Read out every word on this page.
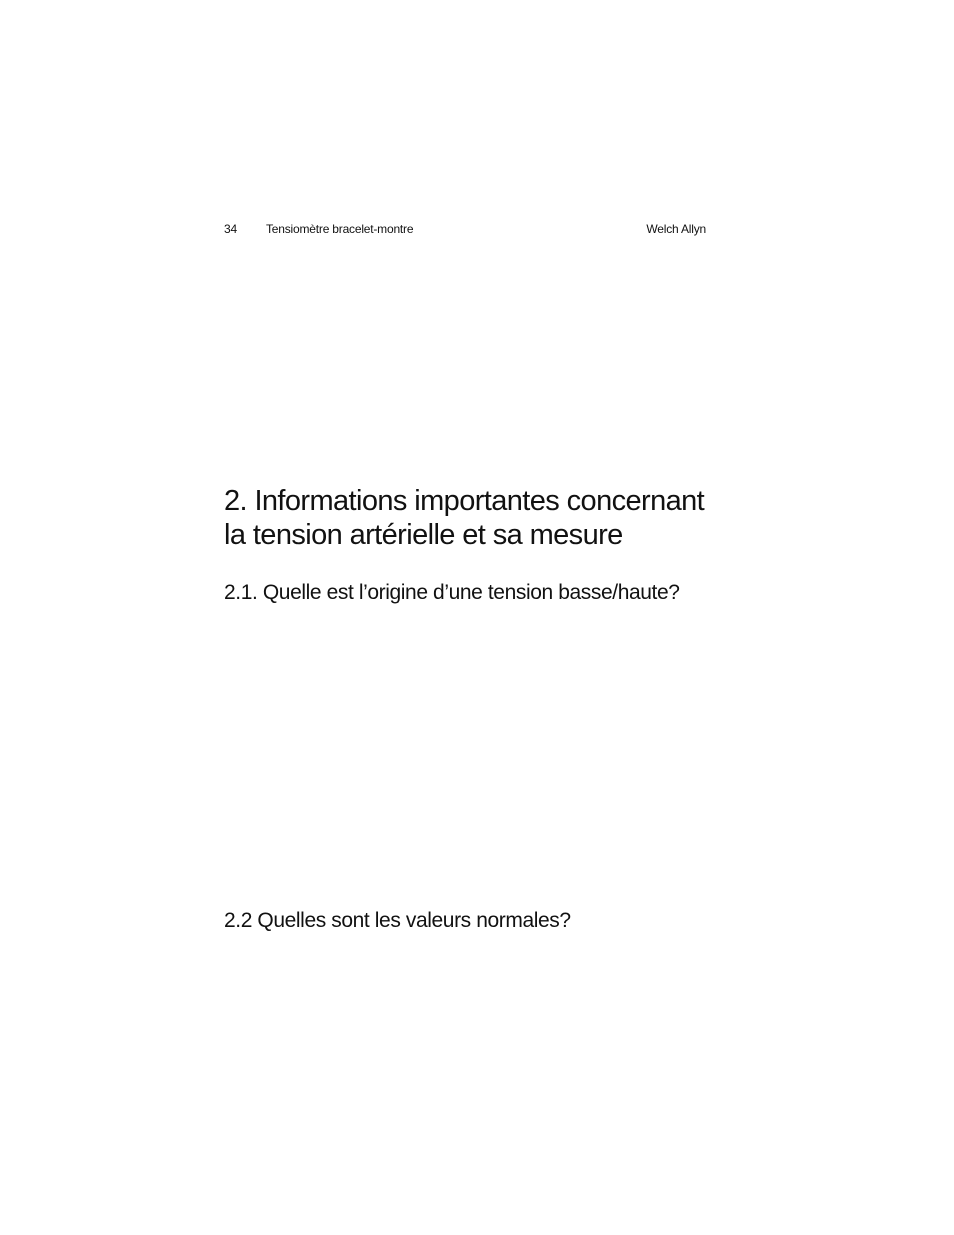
34 Tensiomètre bracelet-montre	Welch Allyn
2. Informations importantes concernant
la tension artérielle et sa mesure
2.1. Quelle est l’origine d’une tension basse/haute?
2.2 Quelles sont les valeurs normales?
